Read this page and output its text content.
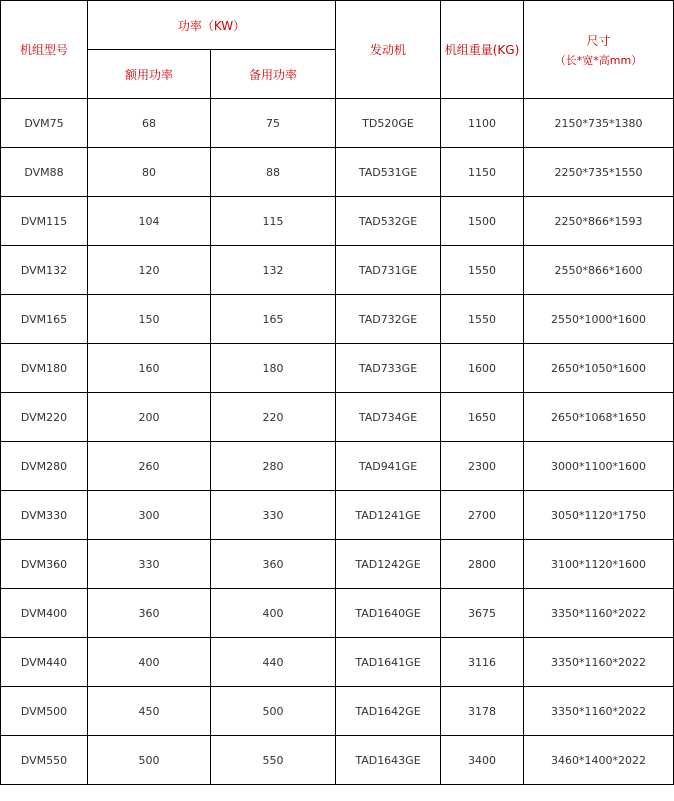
机组型号	功率（KW）		发动机	机组重量(KG)	尺寸
（长*宽*高mm）

	额用功率	备用功率			
DVM75	68	75	TD520GE	1100	2150*735*1380
DVM88	80	88	TAD531GE	1150	2250*735*1550
DVM115	104	115	TAD532GE	1500	2250*866*1593
DVM132	120	132	TAD731GE	1550	2550*866*1600
DVM165	150	165	TAD732GE	1550	2550*1000*1600
DVM180	160	180	TAD733GE	1600	2650*1050*1600
DVM220	200	220	TAD734GE	1650	2650*1068*1650
DVM280	260	280	TAD941GE	2300	3000*1100*1600
DVM330	300	330	TAD1241GE	2700	3050*1120*1750
DVM360	330	360	TAD1242GE	2800	3100*1120*1600
DVM400	360	400	TAD1640GE	3675	3350*1160*2022
DVM440	400	440	TAD1641GE	3116	3350*1160*2022
DVM500	450	500	TAD1642GE	3178	3350*1160*2022
DVM550	500	550	TAD1643GE	3400	3460*1400*2022
